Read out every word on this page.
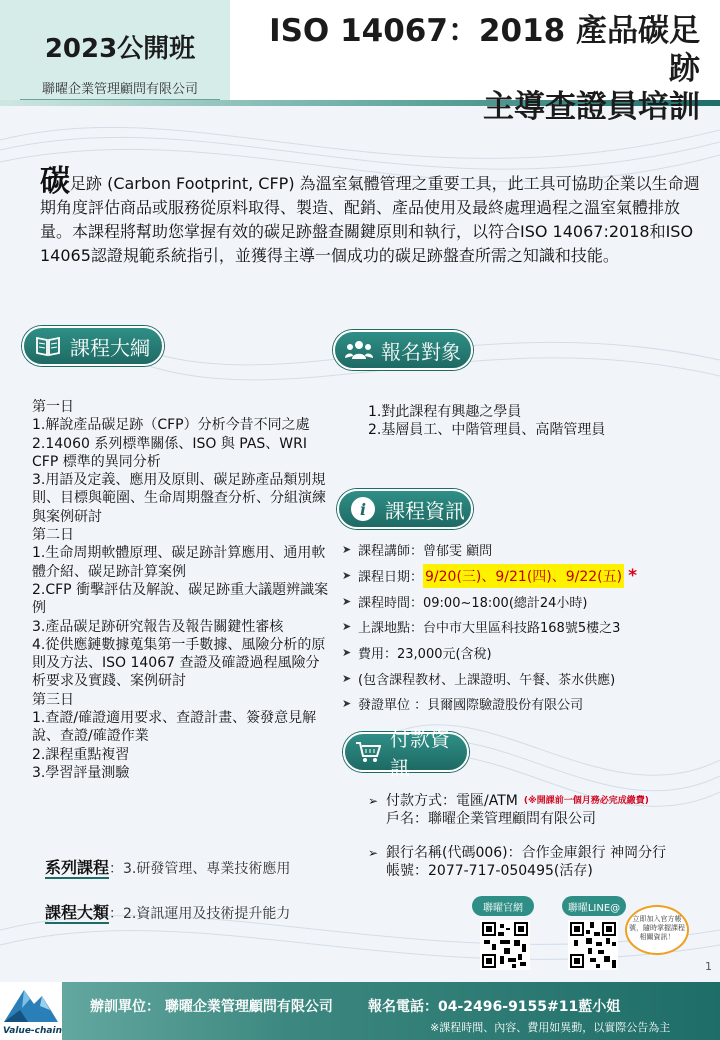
2023公開班
聯曜企業管理顧問有限公司
ISO 14067：2018 產品碳足跡
主導查證員培訓
碳足跡 (Carbon Footprint, CFP) 為溫室氣體管理之重要工具，此工具可協助企業以生命週期角度評估商品或服務從原料取得、製造、配銷、產品使用及最終處理過程之溫室氣體排放量。本課程將幫助您掌握有效的碳足跡盤查關鍵原則和執行，以符合ISO 14067:2018和ISO 14065認證規範系統指引，並獲得主導一個成功的碳足跡盤查所需之知識和技能。
課程大綱
第一日
1.解說產品碳足跡（CFP）分析今昔不同之處
2.14060 系列標準關係、ISO 與 PAS、WRI CFP 標準的異同分析
3.用語及定義、應用及原則、碳足跡產品類別規則、目標與範圍、生命周期盤查分析、分組演練與案例研討
第二日
1.生命周期軟體原理、碳足跡計算應用、通用軟體介紹、碳足跡計算案例
2.CFP 衝擊評估及解說、碳足跡重大議題辨識案例
3.產品碳足跡研究報告及報告關鍵性審核
4.從供應鏈數據蒐集第一手數據、風險分析的原則及方法、ISO 14067 查證及確證過程風險分析要求及實踐、案例研討
第三日
1.查證/確證適用要求、查證計畫、簽發意見解說、查證/確證作業
2.課程重點複習
3.學習評量測驗
報名對象
1.對此課程有興趣之學員
2.基層員工、中階管理員、高階管理員
i 課程資訊
➤ 課程講師：曾郁雯 顧問
➤ 課程日期： 9/20(三)、9/21(四)、9/22(五) *
➤ 課程時間：09:00~18:00(總計24小時)
➤ 上課地點：台中市大里區科技路168號5樓之3
➤ 費用：23,000元(含稅)
➤ (包含課程教材、上課證明、午餐、茶水供應)
➤ 發證單位 ：貝爾國際驗證股份有限公司
付款資訊
➢ 付款方式：電匯/ATM (※開課前一個月務必完成繳費)
戶名：聯曜企業管理顧問有限公司
➢ 銀行名稱(代碼006)：合作金庫銀行 神岡分行
帳號：2077-717-050495(活存)
系列課程：3.研發管理、專業技術應用
課程大類：2.資訊運用及技術提升能力	聯曜官網	聯曜LINE@
立即加入官方帳號，隨時掌握課程相關資訊！
1
Value-chain
辦訓單位： 聯曜企業管理顧問有限公司	報名電話：04-2496-9155#11藍小姐
※課程時間、內容、費用如異動，以實際公告為主
